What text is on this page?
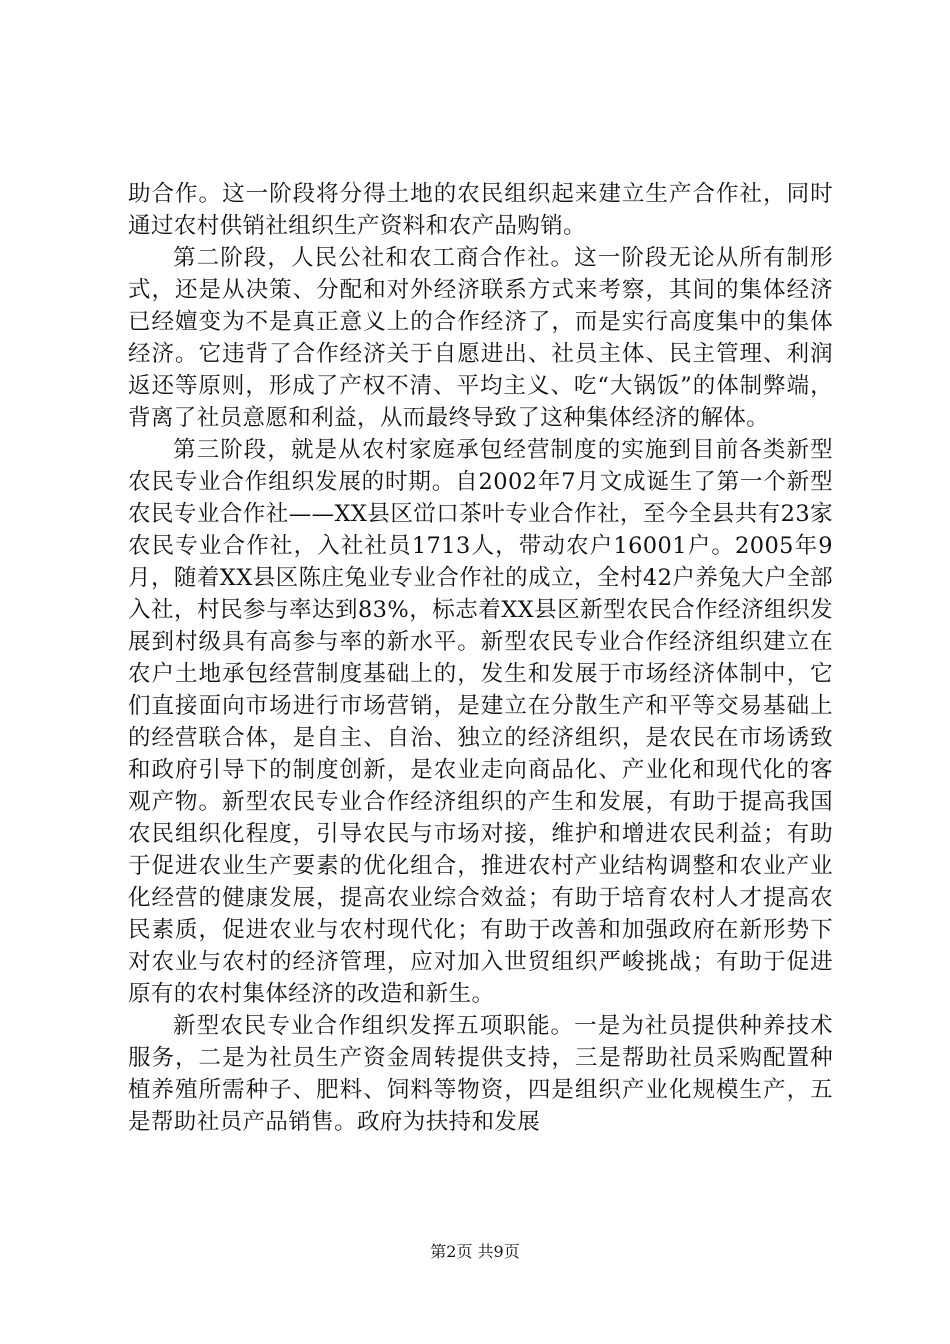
助合作。这一阶段将分得土地的农民组织起来建立生产合作社，同时通过农村供销社组织生产资料和农产品购销。

第二阶段，人民公社和农工商合作社。这一阶段无论从所有制形式，还是从决策、分配和对外经济联系方式来考察，其间的集体经济已经嬗变为不是真正意义上的合作经济了，而是实行高度集中的集体经济。它违背了合作经济关于自愿进出、社员主体、民主管理、利润返还等原则，形成了产权不清、平均主义、吃“大锅饭”的体制弊端，背离了社员意愿和利益，从而最终导致了这种集体经济的解体。

第三阶段，就是从农村家庭承包经营制度的实施到目前各类新型农民专业合作组织发展的时期。自2002年7月文成诞生了第一个新型农民专业合作社——XX县区峃口茶叶专业合作社，至今全县共有23家农民专业合作社，入社社员1713人，带动农户16001户。2005年9月，随着XX县区陈庄兔业专业合作社的成立，全村42户养兔大户全部入社，村民参与率达到83%，标志着XX县区新型农民合作经济组织发展到村级具有高参与率的新水平。新型农民专业合作经济组织建立在农户土地承包经营制度基础上的，发生和发展于市场经济体制中，它们直接面向市场进行市场营销，是建立在分散生产和平等交易基础上的经营联合体，是自主、自治、独立的经济组织，是农民在市场诱致和政府引导下的制度创新，是农业走向商品化、产业化和现代化的客观产物。新型农民专业合作经济组织的产生和发展，有助于提高我国农民组织化程度，引导农民与市场对接，维护和增进农民利益；有助于促进农业生产要素的优化组合，推进农村产业结构调整和农业产业化经营的健康发展，提高农业综合效益；有助于培育农村人才提高农民素质，促进农业与农村现代化；有助于改善和加强政府在新形势下对农业与农村的经济管理，应对加入世贸组织严峻挑战；有助于促进原有的农村集体经济的改造和新生。

新型农民专业合作组织发挥五项职能。一是为社员提供种养技术服务，二是为社员生产资金周转提供支持，三是帮助社员采购配置种植养殖所需种子、肥料、饲料等物资，四是组织产业化规模生产，五是帮助社员产品销售。政府为扶持和发展

第2页 共9页
